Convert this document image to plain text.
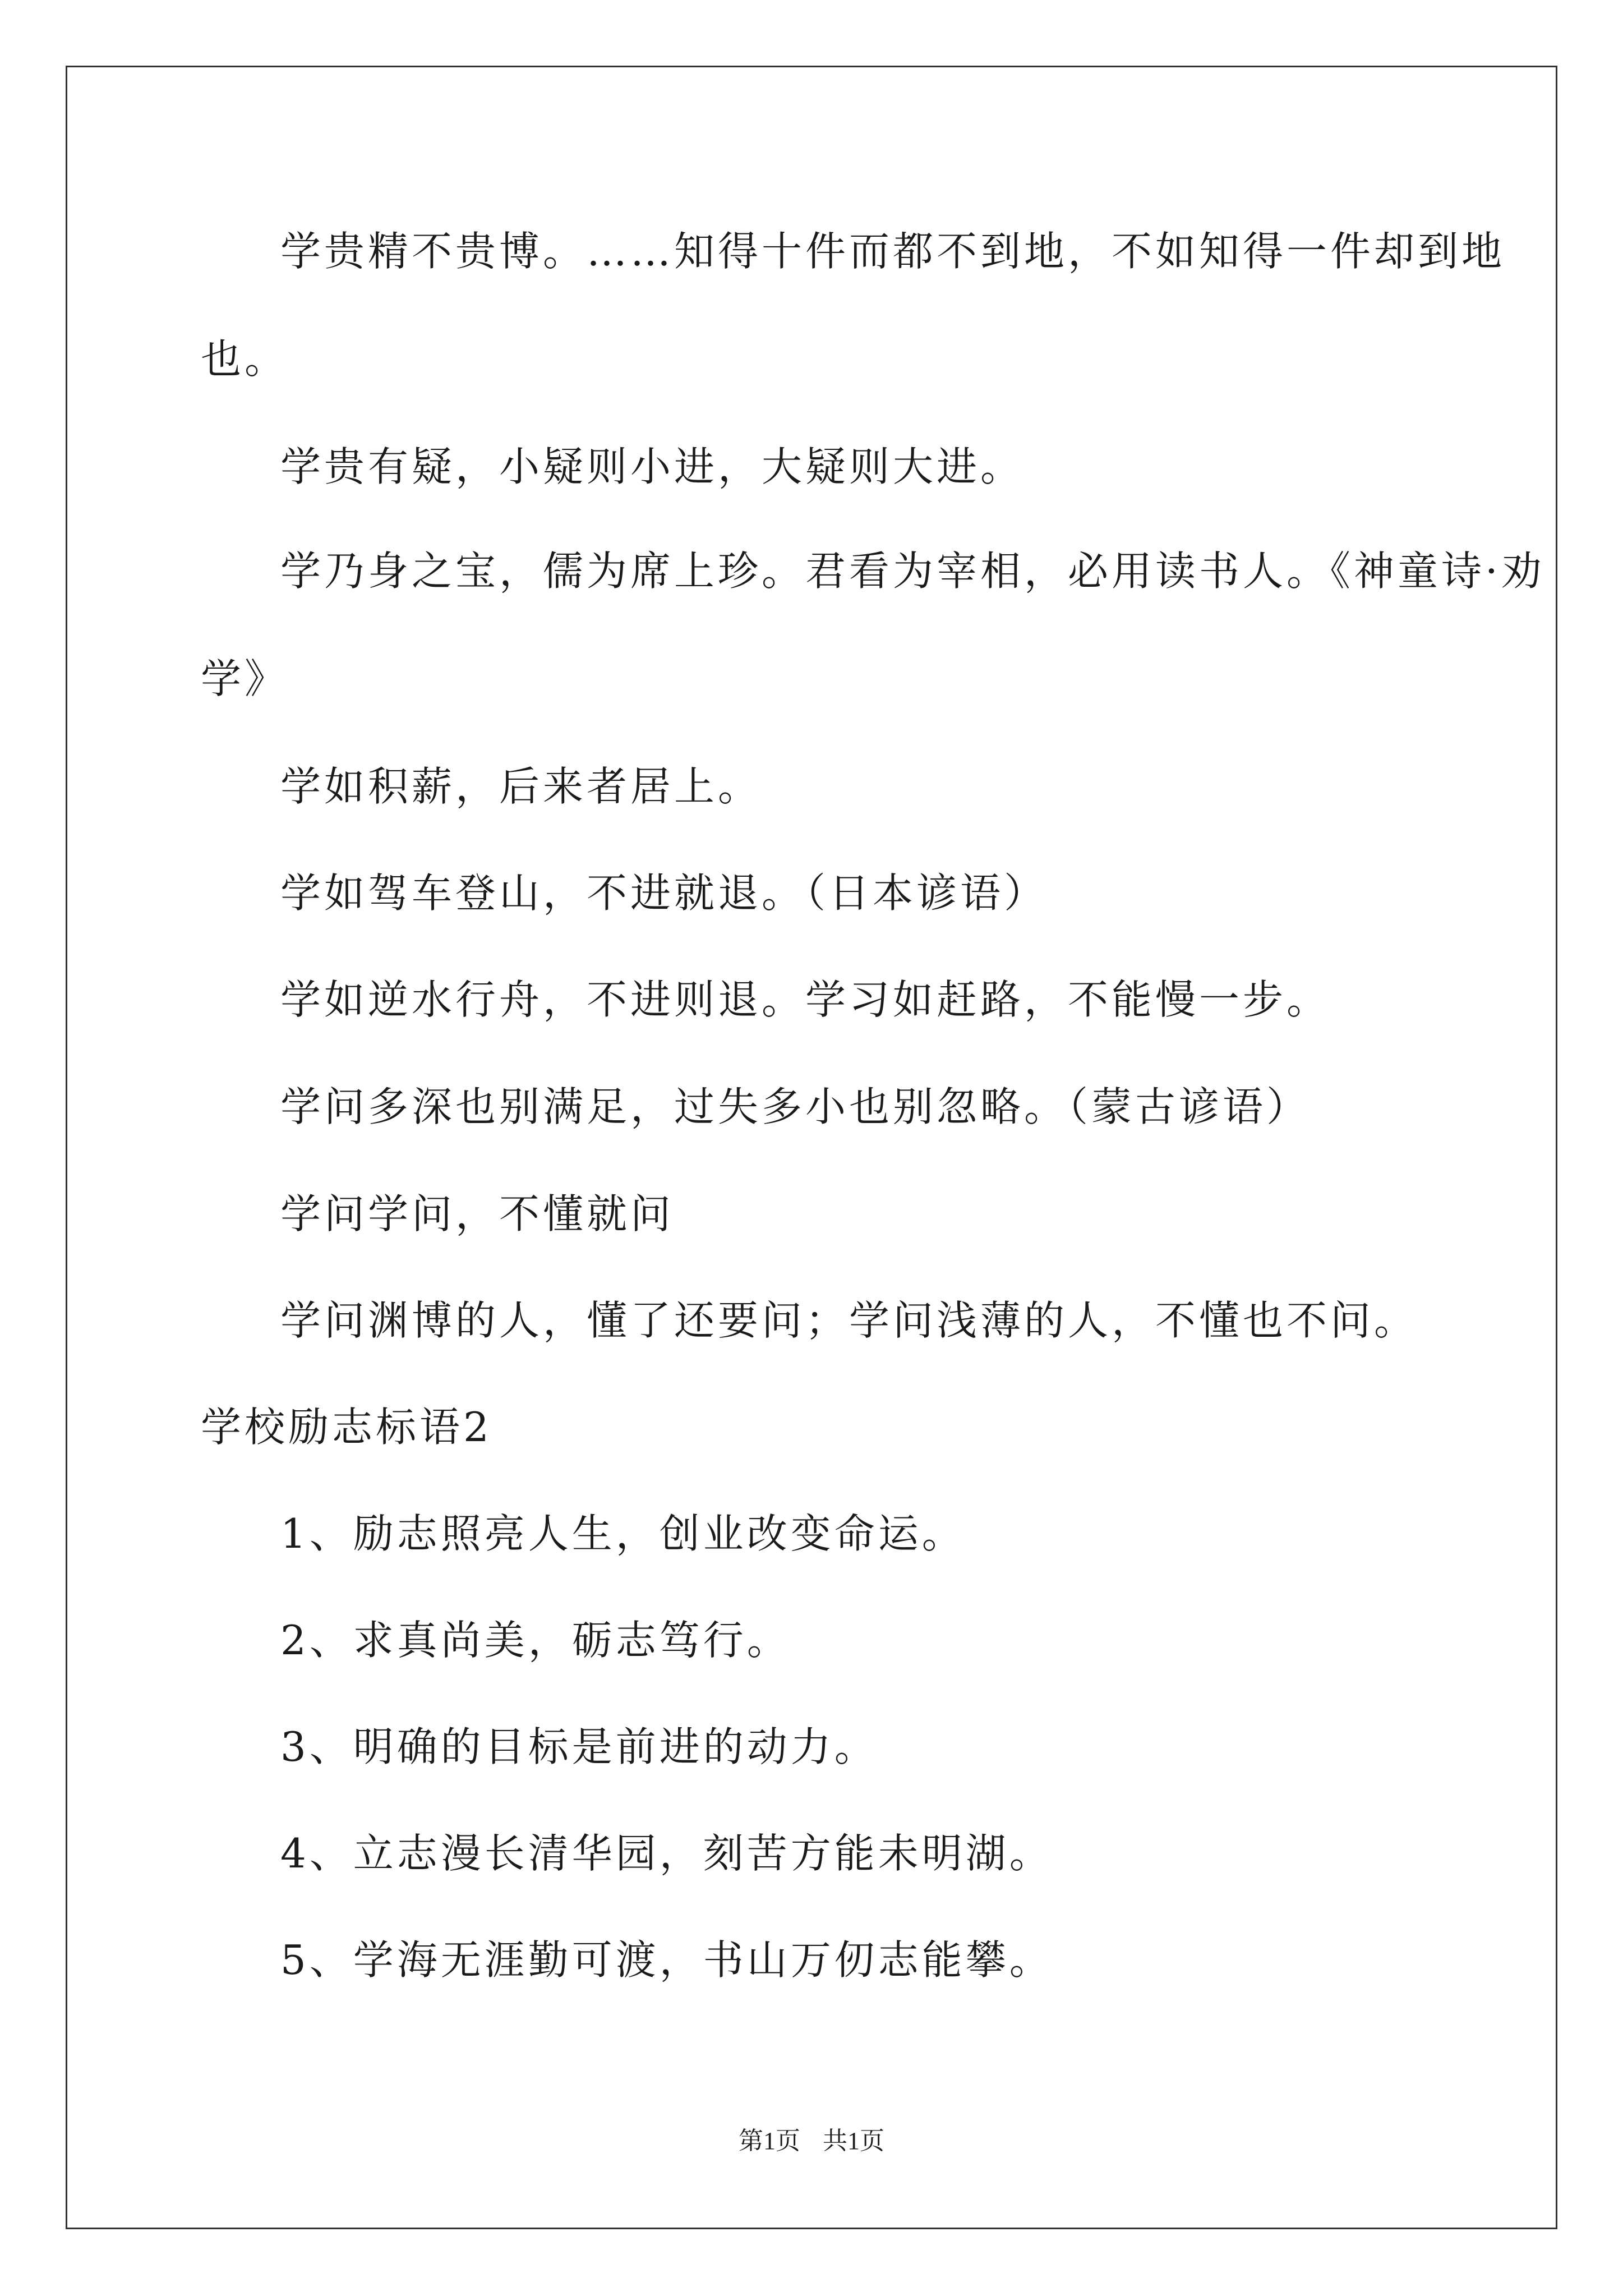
学贵精不贵博。……知得十件而都不到地，不如知得一件却到地
也。
学贵有疑，小疑则小进，大疑则大进。
学乃身之宝，儒为席上珍。君看为宰相，必用读书人。《神童诗·劝
学》
学如积薪，后来者居上。
学如驾车登山，不进就退。（日本谚语）
学如逆水行舟，不进则退。学习如赶路，不能慢一步。
学问多深也别满足，过失多小也别忽略。（蒙古谚语）
学问学问，不懂就问
学问渊博的人，懂了还要问；学问浅薄的人，不懂也不问。
学校励志标语2
1、励志照亮人生，创业改变命运。
2、求真尚美，砺志笃行。
3、明确的目标是前进的动力。
4、立志漫长清华园，刻苦方能未明湖。
5、学海无涯勤可渡，书山万仞志能攀。
第1页 共1页
